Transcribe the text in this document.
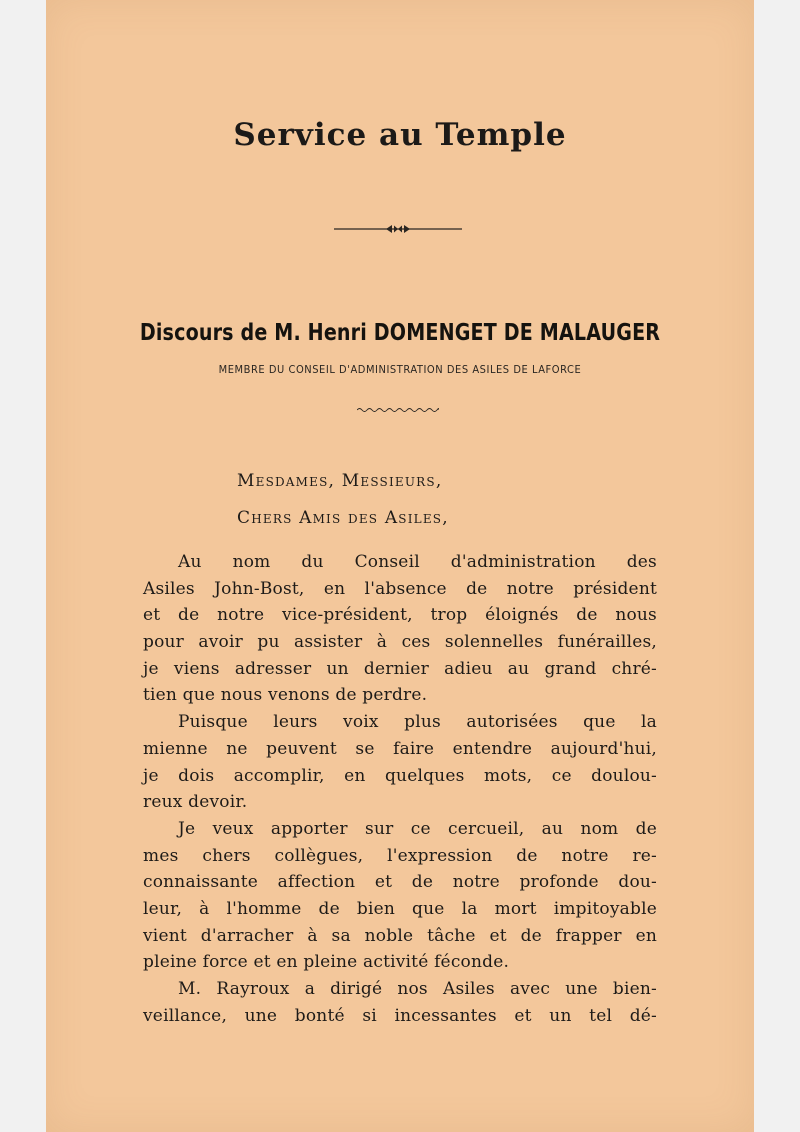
Service au Temple
Discours de M. Henri DOMENGET DE MALAUGER
MEMBRE DU CONSEIL D'ADMINISTRATION DES ASILES DE LAFORCE
Mesdames, Messieurs,
Chers Amis des Asiles,
Au nom du Conseil d'administration des
Asiles John-Bost, en l'absence de notre président
et de notre vice-président, trop éloignés de nous
pour avoir pu assister à ces solennelles funérailles,
je viens adresser un dernier adieu au grand chré-
tien que nous venons de perdre.
Puisque leurs voix plus autorisées que la
mienne ne peuvent se faire entendre aujourd'hui,
je dois accomplir, en quelques mots, ce doulou-
reux devoir.
Je veux apporter sur ce cercueil, au nom de
mes chers collègues, l'expression de notre re-
connaissante affection et de notre profonde dou-
leur, à l'homme de bien que la mort impitoyable
vient d'arracher à sa noble tâche et de frapper en
pleine force et en pleine activité féconde.
M. Rayroux a dirigé nos Asiles avec une bien-
veillance, une bonté si incessantes et un tel dé-
